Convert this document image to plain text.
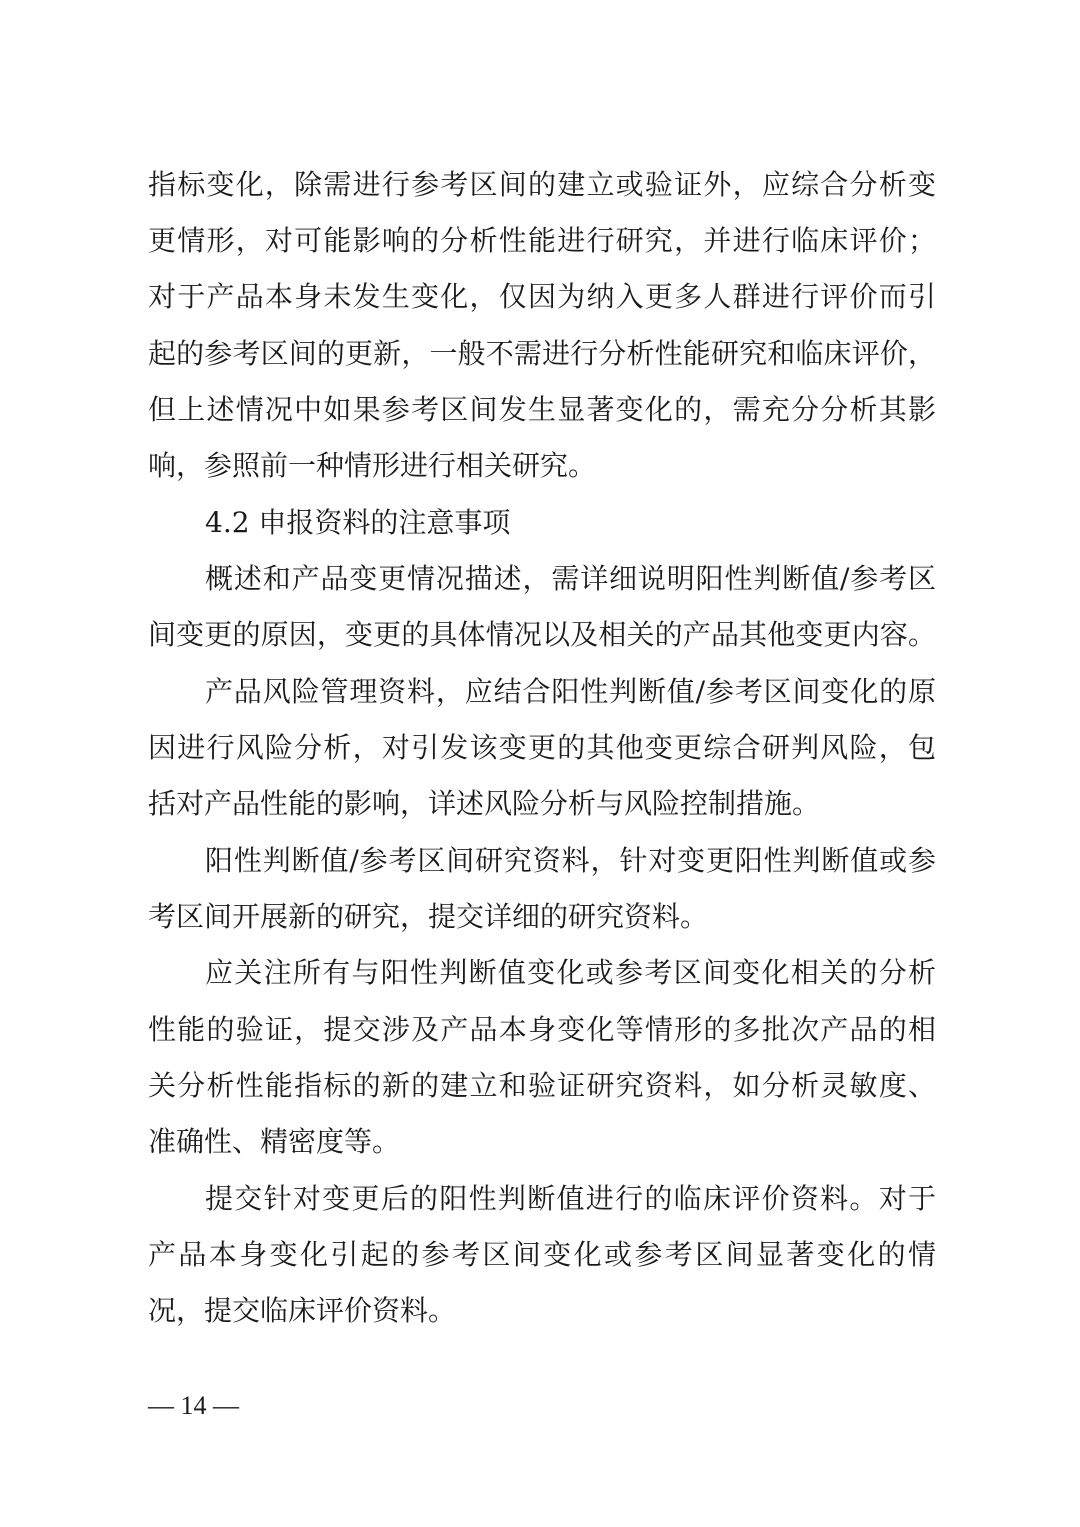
指标变化，除需进行参考区间的建立或验证外，应综合分析变
更情形，对可能影响的分析性能进行研究，并进行临床评价；
对于产品本身未发生变化，仅因为纳入更多人群进行评价而引
起的参考区间的更新，一般不需进行分析性能研究和临床评价，
但上述情况中如果参考区间发生显著变化的，需充分分析其影
响，参照前一种情形进行相关研究。
4.2 申报资料的注意事项
概述和产品变更情况描述，需详细说明阳性判断值/参考区
间变更的原因，变更的具体情况以及相关的产品其他变更内容。
产品风险管理资料，应结合阳性判断值/参考区间变化的原
因进行风险分析，对引发该变更的其他变更综合研判风险，包
括对产品性能的影响，详述风险分析与风险控制措施。
阳性判断值/参考区间研究资料，针对变更阳性判断值或参
考区间开展新的研究，提交详细的研究资料。
应关注所有与阳性判断值变化或参考区间变化相关的分析
性能的验证，提交涉及产品本身变化等情形的多批次产品的相
关分析性能指标的新的建立和验证研究资料，如分析灵敏度、
准确性、精密度等。
提交针对变更后的阳性判断值进行的临床评价资料。对于
产品本身变化引起的参考区间变化或参考区间显著变化的情
况，提交临床评价资料。
— 14 —
